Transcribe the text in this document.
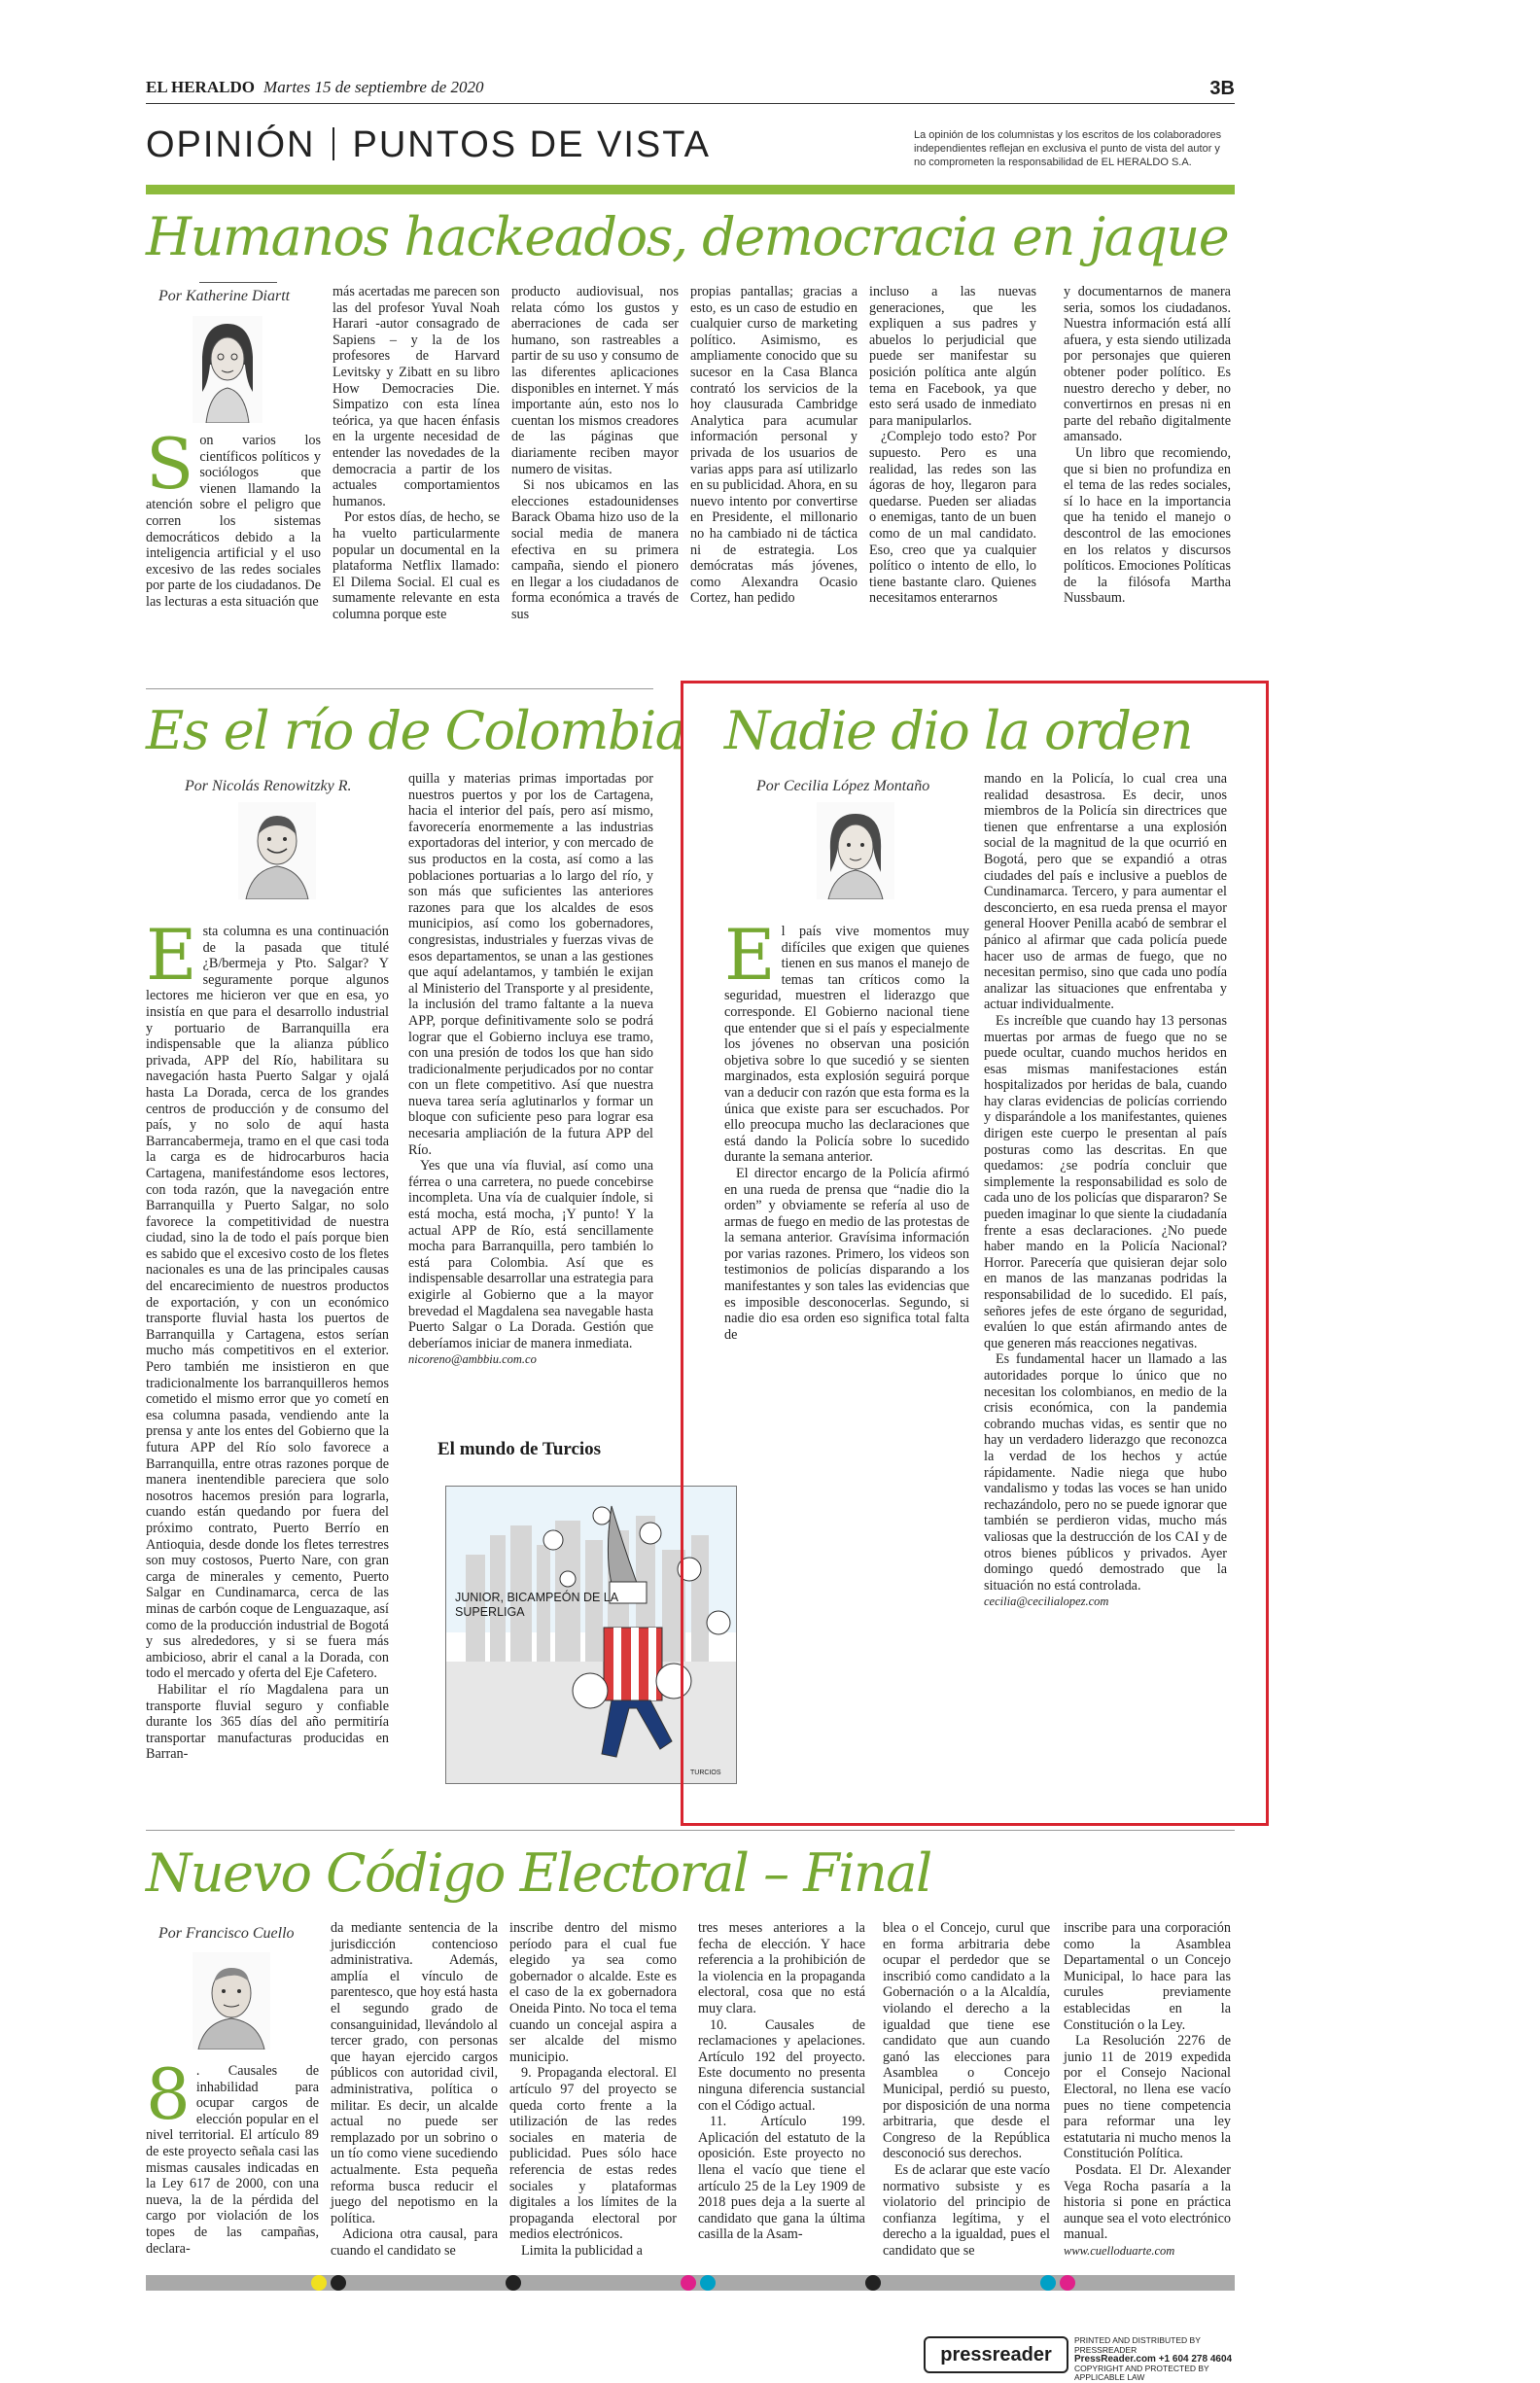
EL HERALDO Martes 15 de septiembre de 2020	3B
OPINIÓN PUNTOS DE VISTA	La opinión de los columnistas y los escritos de los colaboradores independientes reflejan en exclusiva el punto de vista del autor y no comprometen la responsabilidad de EL HERALDO S.A.
Humanos hackeados, democracia en jaque
Por Katherine Diartt
Son varios los científicos políticos y sociólogos que vienen llamando la atención sobre el peligro que corren los sistemas democráticos debido a la inteligencia artificial y el uso excesivo de las redes sociales por parte de los ciudadanos. De las lecturas a esta situación que

más acertadas me parecen son las del profesor Yuval Noah Harari -autor consagrado de Sapiens – y la de los profesores de Harvard Levitsky y Zibatt en su libro How Democracies Die. Simpatizo con esta línea teórica, ya que hacen énfasis en la urgente necesidad de entender las novedades de la democracia a partir de los actuales comportamientos humanos.

Por estos días, de hecho, se ha vuelto particularmente popular un documental en la plataforma Netflix llamado: El Dilema Social. El cual es sumamente relevante en esta columna porque este

producto audiovisual, nos relata cómo los gustos y aberraciones de cada ser humano, son rastreables a partir de su uso y consumo de las diferentes aplicaciones disponibles en internet. Y más importante aún, esto nos lo cuentan los mismos creadores de las páginas que diariamente reciben mayor numero de visitas.

Si nos ubicamos en las elecciones estadounidenses Barack Obama hizo uso de la social media de manera efectiva en su primera campaña, siendo el pionero en llegar a los ciudadanos de forma económica a través de sus

propias pantallas; gracias a esto, es un caso de estudio en cualquier curso de marketing político. Asimismo, es ampliamente conocido que su sucesor en la Casa Blanca contrató los servicios de la hoy clausurada Cambridge Analytica para acumular información personal y privada de los usuarios de varias apps para así utilizarlo en su publicidad. Ahora, en su nuevo intento por convertirse en Presidente, el millonario no ha cambiado ni de táctica ni de estrategia. Los demócratas más jóvenes, como Alexandra Ocasio Cortez, han pedido

incluso a las nuevas generaciones, que les expliquen a sus padres y abuelos lo perjudicial que puede ser manifestar su posición política ante algún tema en Facebook, ya que esto será usado de inmediato para manipularlos.

¿Complejo todo esto? Por supuesto. Pero es una realidad, las redes son las ágoras de hoy, llegaron para quedarse. Pueden ser aliadas o enemigas, tanto de un buen como de un mal candidato. Eso, creo que ya cualquier político o intento de ello, lo tiene bastante claro. Quienes necesitamos enterarnos

y documentarnos de manera seria, somos los ciudadanos. Nuestra información está allí afuera, y esta siendo utilizada por personajes que quieren obtener poder político. Es nuestro derecho y deber, no convertirnos en presas ni en parte del rebaño digitalmente amansado.

Un libro que recomiendo, que si bien no profundiza en el tema de las redes sociales, sí lo hace en la importancia que ha tenido el manejo o descontrol de las emociones en los relatos y discursos políticos. Emociones Políticas de la filósofa Martha Nussbaum.

Es el río de Colombia
Por Nicolás Renowitzky R.
Esta columna es una continuación de la pasada que titulé ¿B/bermeja y Pto. Salgar? Y seguramente porque algunos lectores me hicieron ver que en esa, yo insistía en que para el desarrollo industrial y portuario de Barranquilla era indispensable que la alianza público privada, APP del Río, habilitara su navegación hasta Puerto Salgar y ojalá hasta La Dorada, cerca de los grandes centros de producción y de consumo del país, y no solo de aquí hasta Barrancabermeja, tramo en el que casi toda la carga es de hidrocarburos hacia Cartagena, manifestándome esos lectores, con toda razón, que la navegación entre Barranquilla y Puerto Salgar, no solo favorece la competitividad de nuestra ciudad, sino la de todo el país porque bien es sabido que el excesivo costo de los fletes nacionales es una de las principales causas del encarecimiento de nuestros productos de exportación, y con un económico transporte fluvial hasta los puertos de Barranquilla y Cartagena, estos serían mucho más competitivos en el exterior. Pero también me insistieron en que tradicionalmente los barranquilleros hemos cometido el mismo error que yo cometí en esa columna pasada, vendiendo ante la prensa y ante los entes del Gobierno que la futura APP del Río solo favorece a Barranquilla, entre otras razones porque de manera inentendible pareciera que solo nosotros hacemos presión para lograrla, cuando están quedando por fuera del próximo contrato, Puerto Berrío en Antioquia, desde donde los fletes terrestres son muy costosos, Puerto Nare, con gran carga de minerales y cemento, Puerto Salgar en Cundinamarca, cerca de las minas de carbón coque de Lenguazaque, así como de la producción industrial de Bogotá y sus alrededores, y si se fuera más ambicioso, abrir el canal a la Dorada, con todo el mercado y oferta del Eje Cafetero.

Habilitar el río Magdalena para un transporte fluvial seguro y confiable durante los 365 días del año permitiría transportar manufacturas producidas en Barran-

quilla y materias primas importadas por nuestros puertos y por los de Cartagena, hacia el interior del país, pero así mismo, favorecería enormemente a las industrias exportadoras del interior, y con mercado de sus productos en la costa, así como a las poblaciones portuarias a lo largo del río, y son más que suficientes las anteriores razones para que los alcaldes de esos municipios, así como los gobernadores, congresistas, industriales y fuerzas vivas de esos departamentos, se unan a las gestiones que aquí adelantamos, y también le exijan al Ministerio del Transporte y al presidente, la inclusión del tramo faltante a la nueva APP, porque definitivamente solo se podrá lograr que el Gobierno incluya ese tramo, con una presión de todos los que han sido tradicionalmente perjudicados por no contar con un flete competitivo. Así que nuestra nueva tarea sería aglutinarlos y formar un bloque con suficiente peso para lograr esa necesaria ampliación de la futura APP del Río.

Yes que una vía fluvial, así como una férrea o una carretera, no puede concebirse incompleta. Una vía de cualquier índole, si está mocha, está mocha, ¡Y punto! Y la actual APP de Río, está sencillamente mocha para Barranquilla, pero también lo está para Colombia. Así que es indispensable desarrollar una estrategia para exigirle al Gobierno que a la mayor brevedad el Magdalena sea navegable hasta Puerto Salgar o La Dorada. Gestión que deberíamos iniciar de manera inmediata.

nicoreno@ambbiu.com.co
El mundo de Turcios
JUNIOR, BICAMPEÓN DE LA SUPERLIGA
TURCIOS
Nadie dio la orden
Por Cecilia López Montaño
El país vive momentos muy difíciles que exigen que quienes tienen en sus manos el manejo de temas tan críticos como la seguridad, muestren el liderazgo que corresponde. El Gobierno nacional tiene que entender que si el país y especialmente los jóvenes no observan una posición objetiva sobre lo que sucedió y se sienten marginados, esta explosión seguirá porque van a deducir con razón que esta forma es la única que existe para ser escuchados. Por ello preocupa mucho las declaraciones que está dando la Policía sobre lo sucedido durante la semana anterior.

El director encargo de la Policía afirmó en una rueda de prensa que “nadie dio la orden” y obviamente se refería al uso de armas de fuego en medio de las protestas de la semana anterior. Gravísima información por varias razones. Primero, los videos son testimonios de policías disparando a los manifestantes y son tales las evidencias que es imposible desconocerlas. Segundo, si nadie dio esa orden eso significa total falta de

mando en la Policía, lo cual crea una realidad desastrosa. Es decir, unos miembros de la Policía sin directrices que tienen que enfrentarse a una explosión social de la magnitud de la que ocurrió en Bogotá, pero que se expandió a otras ciudades del país e inclusive a pueblos de Cundinamarca. Tercero, y para aumentar el desconcierto, en esa rueda prensa el mayor general Hoover Penilla acabó de sembrar el pánico al afirmar que cada policía puede hacer uso de armas de fuego, que no necesitan permiso, sino que cada uno podía analizar las situaciones que enfrentaba y actuar individualmente.

Es increíble que cuando hay 13 personas muertas por armas de fuego que no se puede ocultar, cuando muchos heridos en esas mismas manifestaciones están hospitalizados por heridas de bala, cuando hay claras evidencias de policías corriendo y disparándole a los manifestantes, quienes dirigen este cuerpo le presentan al país posturas como las descritas. En que quedamos: ¿se podría concluir que simplemente la responsabilidad es solo de cada uno de los policías que dispararon? Se pueden imaginar lo que siente la ciudadanía frente a esas declaraciones. ¿No puede haber mando en la Policía Nacional? Horror. Parecería que quisieran dejar solo en manos de las manzanas podridas la responsabilidad de lo sucedido. El país, señores jefes de este órgano de seguridad, evalúen lo que están afirmando antes de que generen más reacciones negativas.

Es fundamental hacer un llamado a las autoridades porque lo único que no necesitan los colombianos, en medio de la crisis económica, con la pandemia cobrando muchas vidas, es sentir que no hay un verdadero liderazgo que reconozca la verdad de los hechos y actúe rápidamente. Nadie niega que hubo vandalismo y todas las voces se han unido rechazándolo, pero no se puede ignorar que también se perdieron vidas, mucho más valiosas que la destrucción de los CAI y de otros bienes públicos y privados. Ayer domingo quedó demostrado que la situación no está controlada.

cecilia@cecilialopez.com
Nuevo Código Electoral – Final
Por Francisco Cuello
8 . Causales de inhabilidad para ocupar cargos de elección popular en el nivel territorial. El artículo 89 de este proyecto señala casi las mismas causales indicadas en la Ley 617 de 2000, con una nueva, la de la pérdida del cargo por violación de los topes de las campañas, declara-

da mediante sentencia de la jurisdicción contencioso administrativa. Además, amplía el vínculo de parentesco, que hoy está hasta el segundo grado de consanguinidad, llevándolo al tercer grado, con personas que hayan ejercido cargos públicos con autoridad civil, administrativa, política o militar. Es decir, un alcalde actual no puede ser remplazado por un sobrino o un tío como viene sucediendo actualmente. Esta pequeña reforma busca reducir el juego del nepotismo en la política.

Adiciona otra causal, para cuando el candidato se

inscribe dentro del mismo período para el cual fue elegido ya sea como gobernador o alcalde. Este es el caso de la ex gobernadora Oneida Pinto. No toca el tema cuando un concejal aspira a ser alcalde del mismo municipio.

9. Propaganda electoral. El artículo 97 del proyecto se queda corto frente a la utilización de las redes sociales en materia de publicidad. Pues sólo hace referencia de estas redes sociales y plataformas digitales a los límites de la propaganda electoral por medios electrónicos.

Limita la publicidad a

tres meses anteriores a la fecha de elección. Y hace referencia a la prohibición de la violencia en la propaganda electoral, cosa que no está muy clara.

10. Causales de reclamaciones y apelaciones. Artículo 192 del proyecto. Este documento no presenta ninguna diferencia sustancial con el Código actual.

11. Artículo 199. Aplicación del estatuto de la oposición. Este proyecto no llena el vacío que tiene el artículo 25 de la Ley 1909 de 2018 pues deja a la suerte al candidato que gana la última casilla de la Asam-

blea o el Concejo, curul que en forma arbitraria debe ocupar el perdedor que se inscribió como candidato a la Gobernación o a la Alcaldía, violando el derecho a la igualdad que tiene ese candidato que aun cuando ganó las elecciones para Asamblea o Concejo Municipal, perdió su puesto, por disposición de una norma arbitraria, que desde el Congreso de la República desconoció sus derechos.

Es de aclarar que este vacío normativo subsiste y es violatorio del principio de confianza legítima, y el derecho a la igualdad, pues el candidato que se

inscribe para una corporación como la Asamblea Departamental o un Concejo Municipal, lo hace para las curules previamente establecidas en la Constitución o la Ley.

La Resolución 2276 de junio 11 de 2019 expedida por el Consejo Nacional Electoral, no llena ese vacío pues no tiene competencia para reformar una ley estatutaria ni mucho menos la Constitución Política.

Posdata. El Dr. Alexander Vega Rocha pasaría a la historia si pone en práctica aunque sea el voto electrónico manual.

www.cuelloduarte.com
pressreader
PRINTED AND DISTRIBUTED BY PRESSREADER
PressReader.com +1 604 278 4604
COPYRIGHT AND PROTECTED BY APPLICABLE LAW
